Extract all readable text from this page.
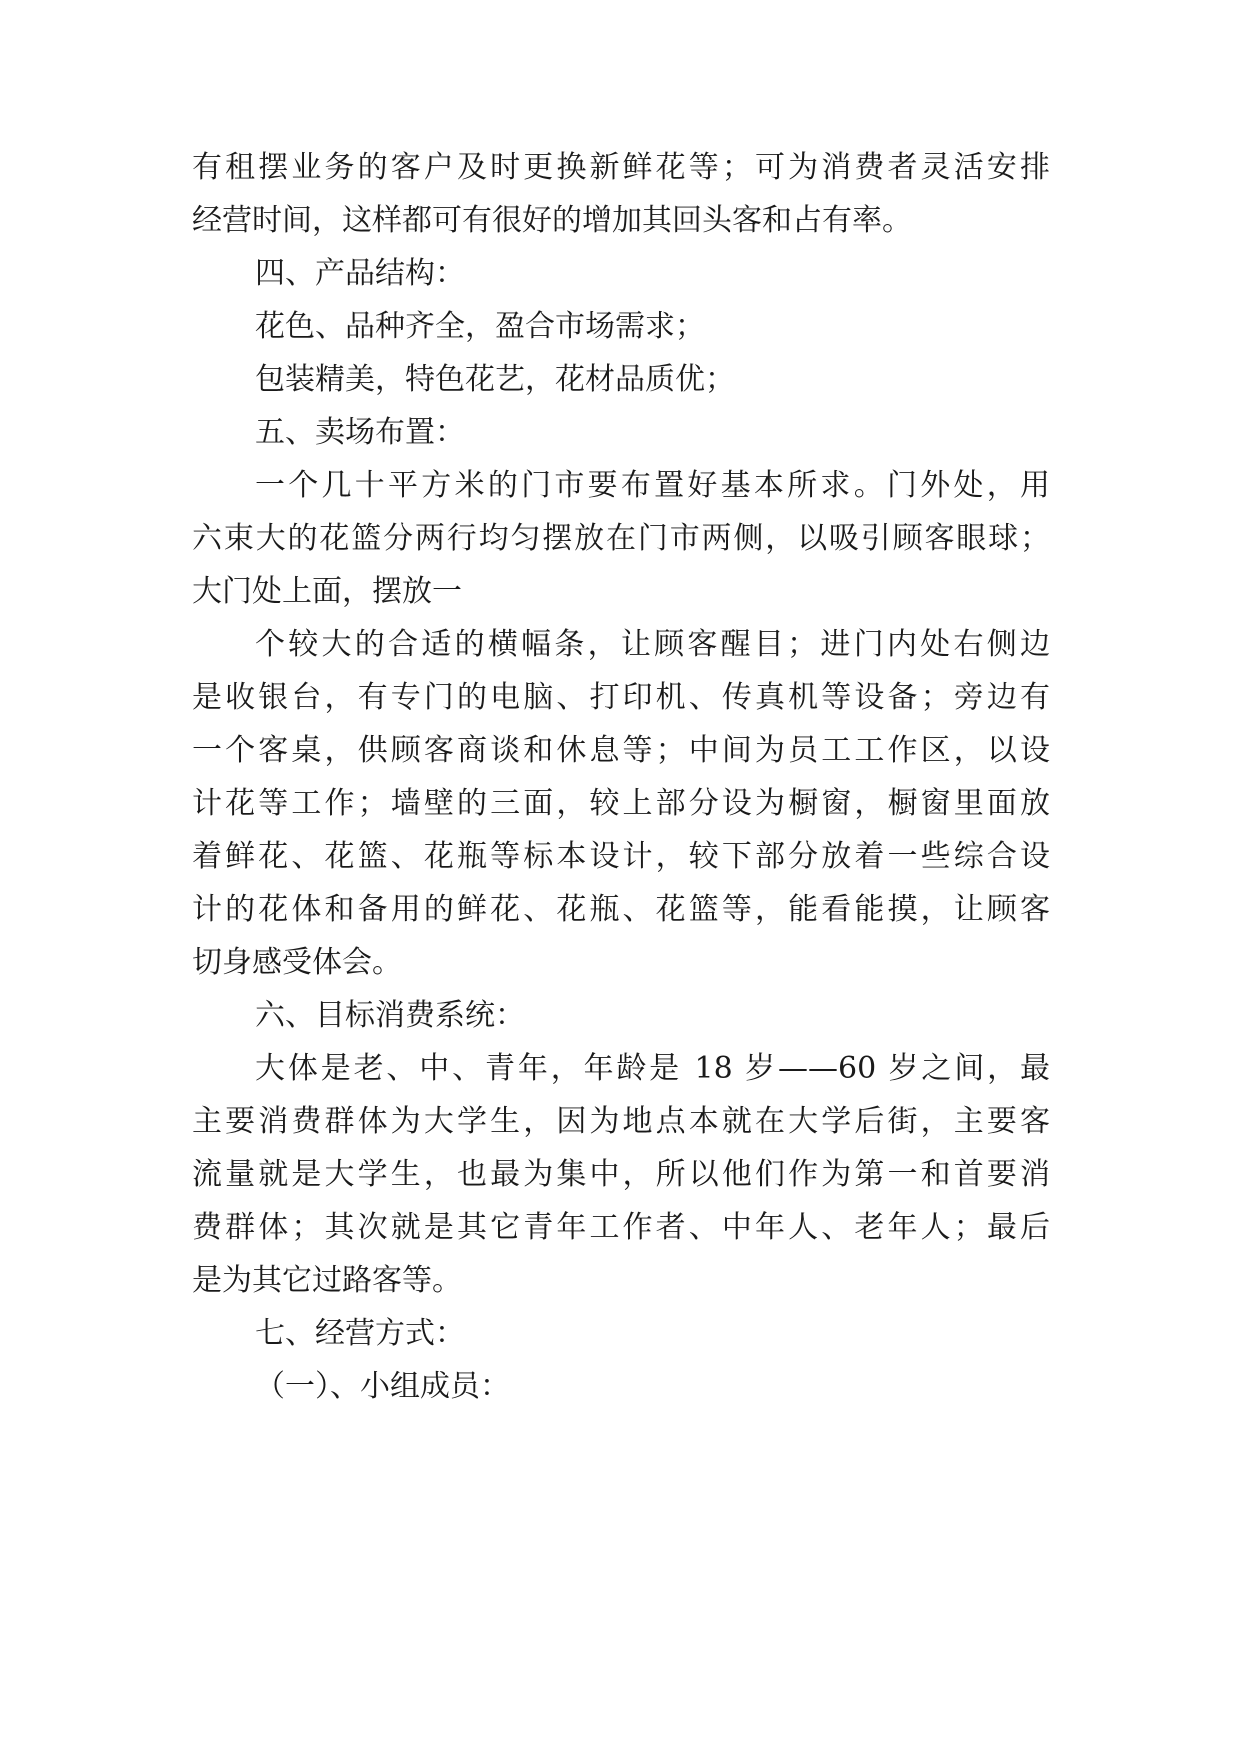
有租摆业务的客户及时更换新鲜花等；可为消费者灵活安排
经营时间，这样都可有很好的增加其回头客和占有率。
四、产品结构：
花色、品种齐全，盈合市场需求；
包装精美，特色花艺，花材品质优；
五、卖场布置：
一个几十平方米的门市要布置好基本所求。门外处，用
六束大的花篮分两行均匀摆放在门市两侧，以吸引顾客眼球；
大门处上面，摆放一
个较大的合适的横幅条，让顾客醒目；进门内处右侧边
是收银台，有专门的电脑、打印机、传真机等设备；旁边有
一个客桌，供顾客商谈和休息等；中间为员工工作区，以设
计花等工作；墙壁的三面，较上部分设为橱窗，橱窗里面放
着鲜花、花篮、花瓶等标本设计，较下部分放着一些综合设
计的花体和备用的鲜花、花瓶、花篮等，能看能摸，让顾客
切身感受体会。
六、目标消费系统：
大体是老、中、青年，年龄是 18 岁——60 岁之间，最
主要消费群体为大学生，因为地点本就在大学后街，主要客
流量就是大学生，也最为集中，所以他们作为第一和首要消
费群体；其次就是其它青年工作者、中年人、老年人；最后
是为其它过路客等。
七、经营方式：
（一）、小组成员：
